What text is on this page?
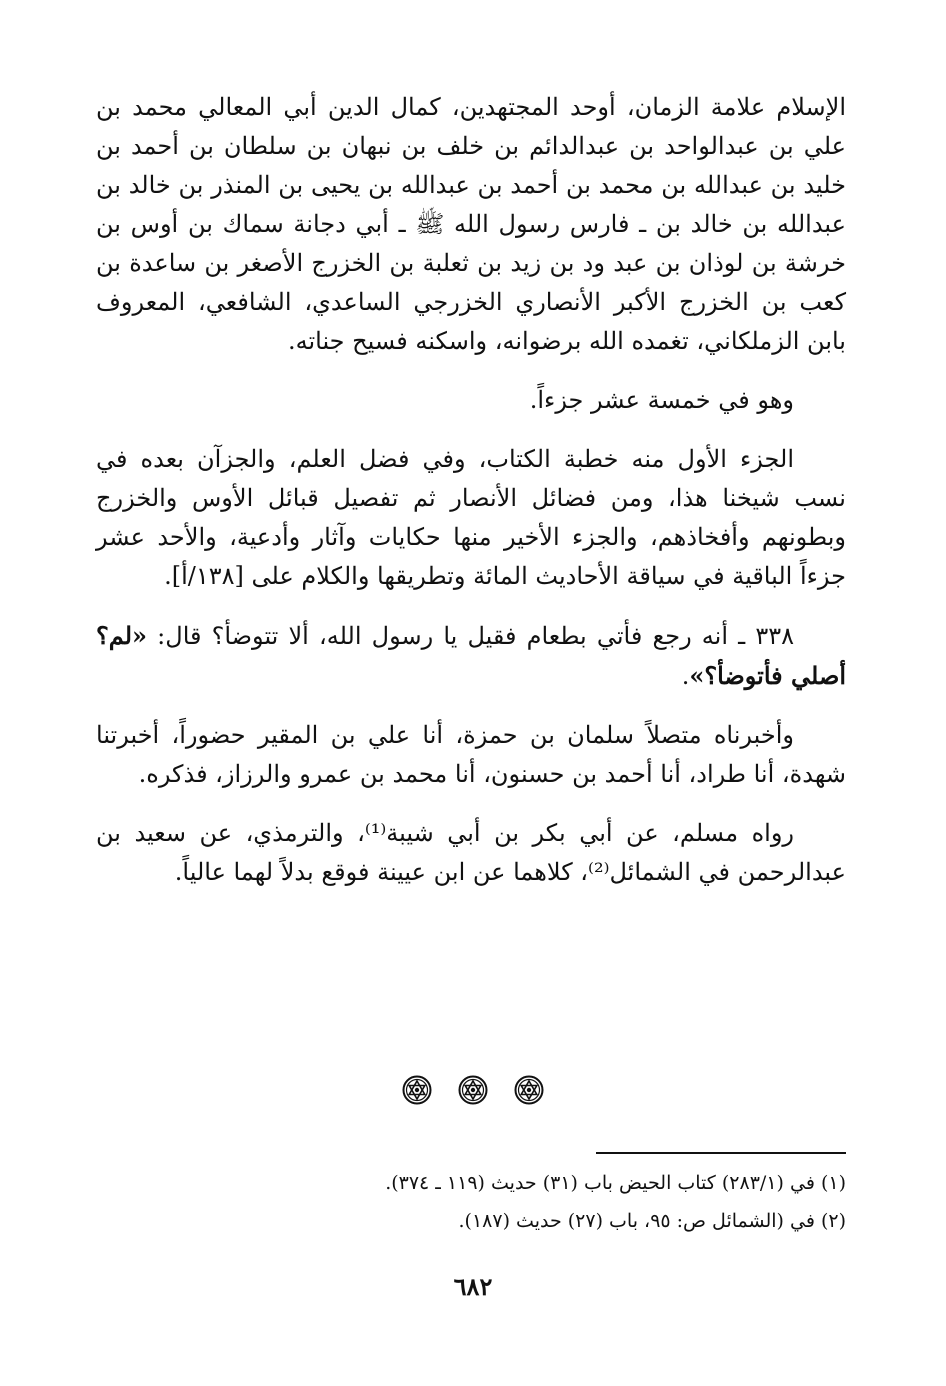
الإسلام علامة الزمان، أوحد المجتهدين، كمال الدين أبي المعالي محمد بن علي بن عبدالواحد بن عبدالدائم بن خلف بن نبهان بن سلطان بن أحمد بن خليد بن عبدالله بن محمد بن أحمد بن عبدالله بن يحيى بن المنذر بن خالد بن عبدالله بن خالد بن ـ فارس رسول الله ﷺ ـ أبي دجانة سماك بن أوس بن خرشة بن لوذان بن عبد ود بن زيد بن ثعلبة بن الخزرج الأصغر بن ساعدة بن كعب بن الخزرج الأكبر الأنصاري الخزرجي الساعدي، الشافعي، المعروف بابن الزملكاني، تغمده الله برضوانه، واسكنه فسيح جناته.

وهو في خمسة عشر جزءاً.

الجزء الأول منه خطبة الكتاب، وفي فضل العلم، والجزآن بعده في نسب شيخنا هذا، ومن فضائل الأنصار ثم تفصيل قبائل الأوس والخزرج وبطونهم وأفخاذهم، والجزء الأخير منها حكايات وآثار وأدعية، والأحد عشر جزءاً الباقية في سياقة الأحاديث المائة وتطريقها والكلام على [١٣٨/أ].

٣٣٨ ـ أنه رجع فأتي بطعام فقيل يا رسول الله، ألا تتوضأ؟ قال: «لم؟ أصلي فأتوضأ؟».

وأخبرناه متصلاً سلمان بن حمزة، أنا علي بن المقير حضوراً، أخبرتنا شهدة، أنا طراد، أنا أحمد بن حسنون، أنا محمد بن عمرو والرزاز، فذكره.

رواه مسلم، عن أبي بكر بن أبي شيبة⁽¹⁾، والترمذي، عن سعيد بن عبدالرحمن في الشمائل⁽²⁾، كلاهما عن ابن عيينة فوقع بدلاً لهما عالياً.

(١) في (٢٨٣/١) كتاب الحيض باب (٣١) حديث (١١٩ ـ ٣٧٤).

(٢) في (الشمائل ص: ٩٥، باب (٢٧) حديث (١٨٧).

٦٨٢
